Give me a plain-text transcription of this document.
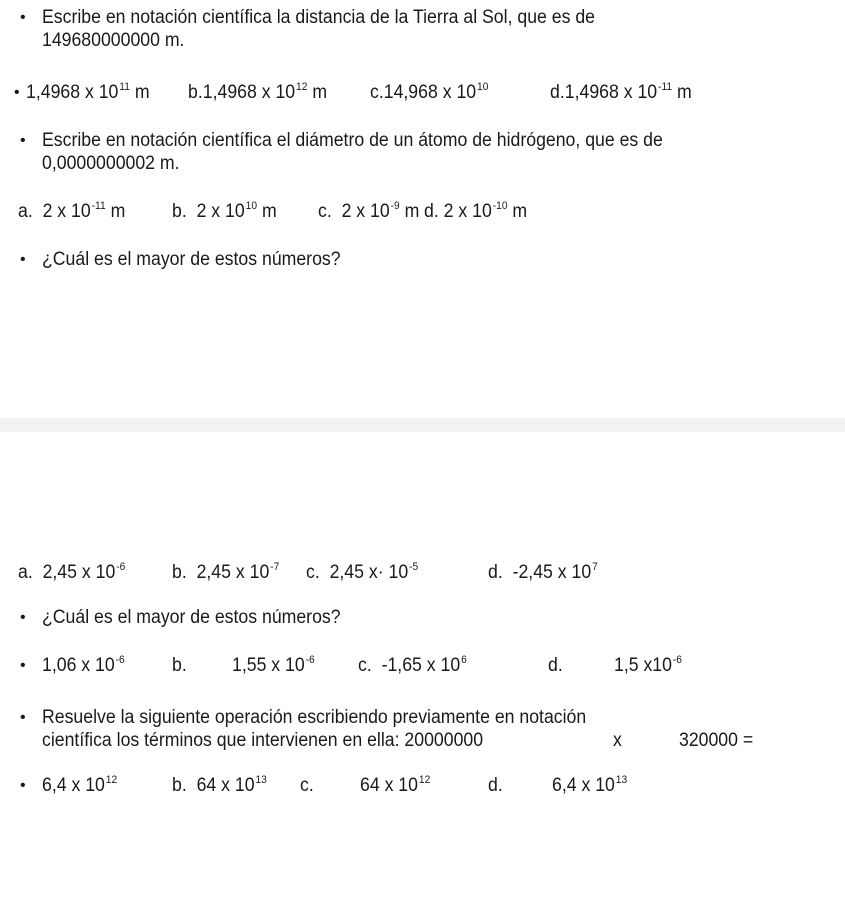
• Escribe en notación científica la distancia de la Tierra al Sol, que es de
149680000000 m.
• 1,4968 x $10^{11}$ m b.1,4968 x $10^{12}$ m c.14,968 x $10^{10}$	d.1,4968 x $10^{-11}$ m
• Escribe en notación científica el diámetro de un átomo de hidrógeno, que es de
0,0000000002 m.
a. 2 x $10^{-11}$ m b. 2 x $10^{10}$ m c. 2 x $10^{-9}$ m d. 2 x $10^{-10}$ m
• ¿Cuál es el mayor de estos números?
a. 2,45 x $10^{-6}$ b. 2,45 x $10^{-7}$ c. 2,45 $x\cdot 10^{-5}$	d. -2,45 x $10^7$
• ¿Cuál es el mayor de estos números?
• 1,06 x $10^{-6}$ b. 1,55 x $10^{-6}$ c. -1,65 x $10^6$	d.	1,5 $x10^{-6}$
• Resuelve la siguiente operación escribiendo previamente en notación
científica los términos que intervienen en ella: 20000000	x	320000 =
• 6,4 x $10^{12}$	b. 64 x $10^{13}$ c. 64 x $10^{12}$	d.	6,4 x $10^{13}$
